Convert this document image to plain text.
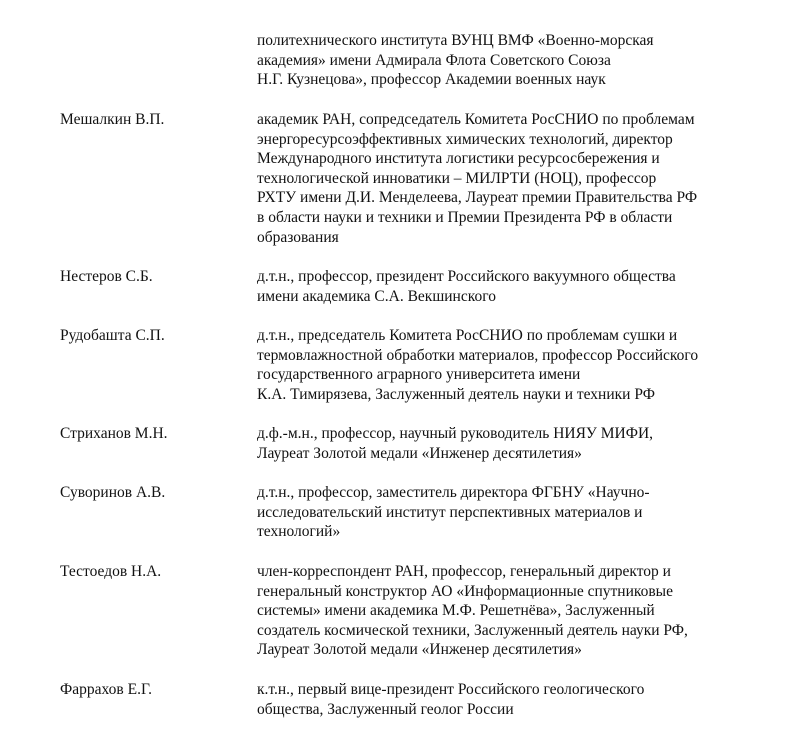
политехнического института ВУНЦ ВМФ «Военно-морская
академия» имени Адмирала Флота Советского Союза
Н.Г. Кузнецова», профессор Академии военных наук
Мешалкин В.П.	академик РАН, сопредседатель Комитета РосСНИО по проблемам
энергоресурсоэффективных химических технологий, директор
Международного института логистики ресурсосбережения и
технологической инноватики – МИЛРТИ (НОЦ), профессор
РХТУ имени Д.И. Менделеева, Лауреат премии Правительства РФ
в области науки и техники и Премии Президента РФ в области
образования
Нестеров С.Б.	д.т.н., профессор, президент Российского вакуумного общества
имени академика С.А. Векшинского
Рудобашта С.П.	д.т.н., председатель Комитета РосСНИО по проблемам сушки и
термовлажностной обработки материалов, профессор Российского
государственного аграрного университета имени
К.А. Тимирязева, Заслуженный деятель науки и техники РФ
Стриханов М.Н.	д.ф.-м.н., профессор, научный руководитель НИЯУ МИФИ,
Лауреат Золотой медали «Инженер десятилетия»
Суворинов А.В.	д.т.н., профессор, заместитель директора ФГБНУ «Научно-
исследовательский институт перспективных материалов и
технологий»
Тестоедов Н.А.	член-корреспондент РАН, профессор, генеральный директор и
генеральный конструктор АО «Информационные спутниковые
системы» имени академика М.Ф. Решетнёва», Заслуженный
создатель космической техники, Заслуженный деятель науки РФ,
Лауреат Золотой медали «Инженер десятилетия»
Фаррахов Е.Г.	к.т.н., первый вице-президент Российского геологического
общества, Заслуженный геолог России
